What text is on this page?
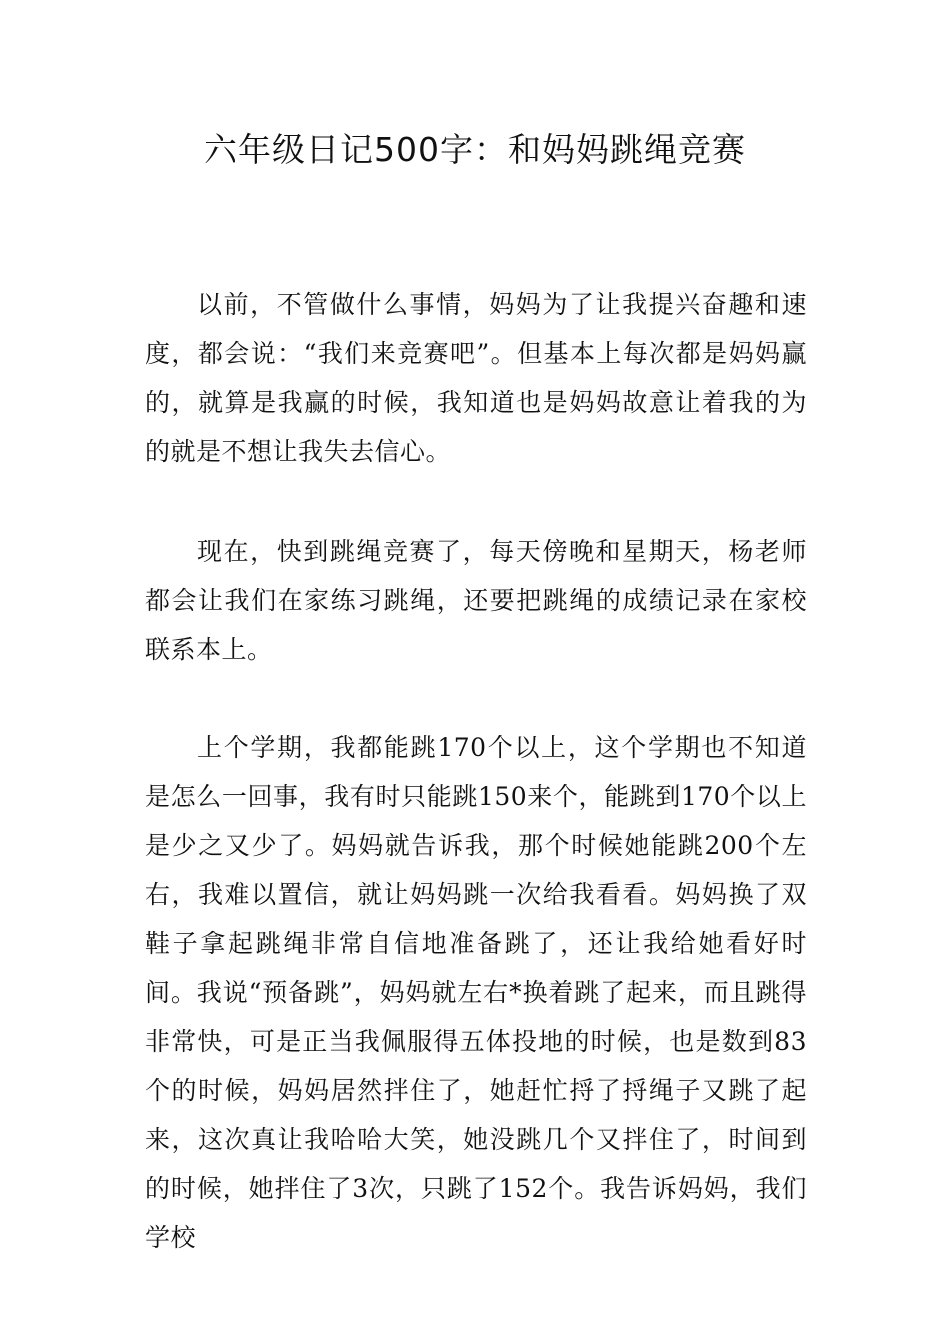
六年级日记500字：和妈妈跳绳竞赛

以前，不管做什么事情，妈妈为了让我提兴奋趣和速度，都会说：“我们来竞赛吧”。但基本上每次都是妈妈赢的，就算是我赢的时候，我知道也是妈妈故意让着我的为的就是不想让我失去信心。

现在，快到跳绳竞赛了，每天傍晚和星期天，杨老师都会让我们在家练习跳绳，还要把跳绳的成绩记录在家校联系本上。

上个学期，我都能跳170个以上，这个学期也不知道是怎么一回事，我有时只能跳150来个，能跳到170个以上是少之又少了。妈妈就告诉我，那个时候她能跳200个左右，我难以置信，就让妈妈跳一次给我看看。妈妈换了双鞋子拿起跳绳非常自信地准备跳了，还让我给她看好时间。我说“预备跳”，妈妈就左右*换着跳了起来，而且跳得非常快，可是正当我佩服得五体投地的时候，也是数到83个的时候，妈妈居然拌住了，她赶忙捋了捋绳子又跳了起来，这次真让我哈哈大笑，她没跳几个又拌住了，时间到的时候，她拌住了3次，只跳了152个。我告诉妈妈，我们学校
